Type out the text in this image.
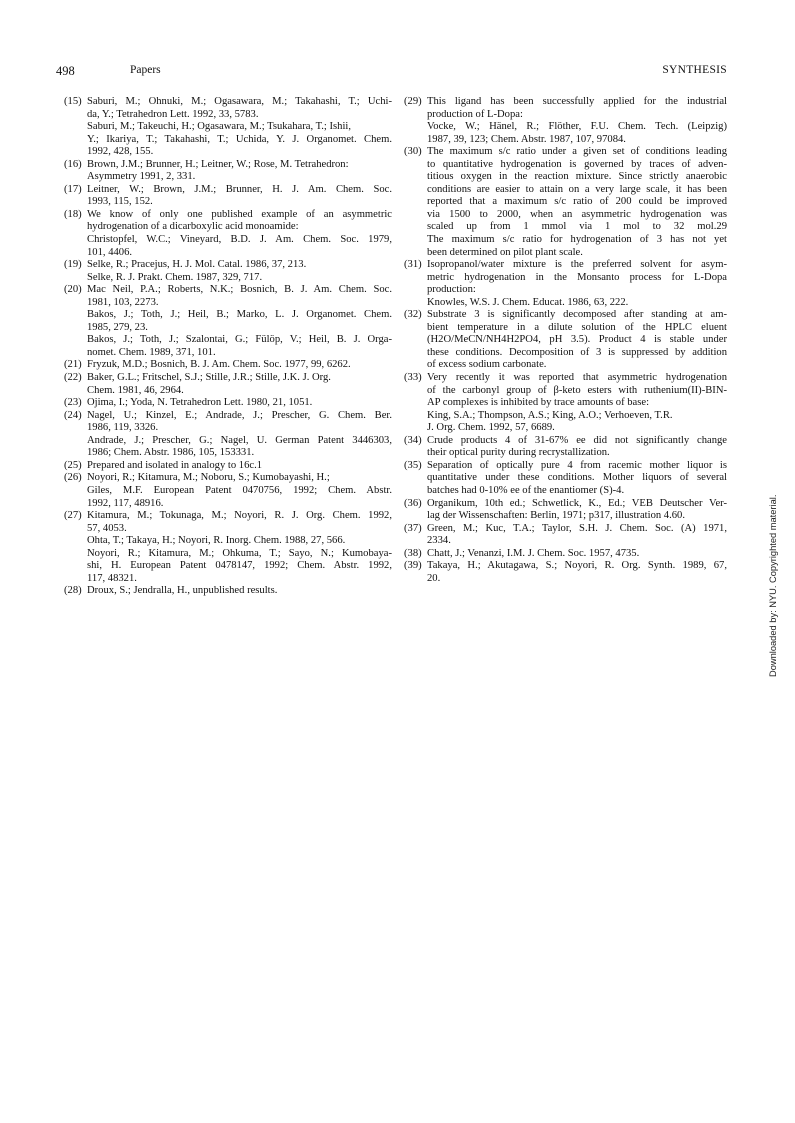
498	Papers	SYNTHESIS
(15) Saburi, M.; Ohnuki, M.; Ogasawara, M.; Takahashi, T.; Uchi-
da, Y.; Tetrahedron Lett. 1992, 33, 5783.
Saburi, M.; Takeuchi, H.; Ogasawara, M.; Tsukahara, T.; Ishii,
Y.; Ikariya, T.; Takahashi, T.; Uchida, Y. J. Organomet. Chem.
1992, 428, 155.
(16) Brown, J.M.; Brunner, H.; Leitner, W.; Rose, M. Tetrahedron:
Asymmetry 1991, 2, 331.
(17) Leitner, W.; Brown, J.M.; Brunner, H. J. Am. Chem. Soc.
1993, 115, 152.
(18) We know of only one published example of an asymmetric
hydrogenation of a dicarboxylic acid monoamide:
Christopfel, W.C.; Vineyard, B.D. J. Am. Chem. Soc. 1979,
101, 4406.
(19) Selke, R.; Pracejus, H. J. Mol. Catal. 1986, 37, 213.
Selke, R. J. Prakt. Chem. 1987, 329, 717.
(20) Mac Neil, P.A.; Roberts, N.K.; Bosnich, B. J. Am. Chem. Soc.
1981, 103, 2273.
Bakos, J.; Toth, J.; Heil, B.; Marko, L. J. Organomet. Chem.
1985, 279, 23.
Bakos, J.; Toth, J.; Szalontai, G.; Fülöp, V.; Heil, B. J. Orga-
nomet. Chem. 1989, 371, 101.
(21) Fryzuk, M.D.; Bosnich, B. J. Am. Chem. Soc. 1977, 99, 6262.
(22) Baker, G.L.; Fritschel, S.J.; Stille, J.R.; Stille, J.K. J. Org.
Chem. 1981, 46, 2964.
(23) Ojima, I.; Yoda, N. Tetrahedron Lett. 1980, 21, 1051.
(24) Nagel, U.; Kinzel, E.; Andrade, J.; Prescher, G. Chem. Ber.
1986, 119, 3326.
Andrade, J.; Prescher, G.; Nagel, U. German Patent 3446303,
1986; Chem. Abstr. 1986, 105, 153331.
(25) Prepared and isolated in analogy to 16c.1
(26) Noyori, R.; Kitamura, M.; Noboru, S.; Kumobayashi, H.;
Giles, M.F. European Patent 0470756, 1992; Chem. Abstr.
1992, 117, 48916.
(27) Kitamura, M.; Tokunaga, M.; Noyori, R. J. Org. Chem. 1992,
57, 4053.
Ohta, T.; Takaya, H.; Noyori, R. Inorg. Chem. 1988, 27, 566.
Noyori, R.; Kitamura, M.; Ohkuma, T.; Sayo, N.; Kumobaya-
shi, H. European Patent 0478147, 1992; Chem. Abstr. 1992,
117, 48321.
(28) Droux, S.; Jendralla, H., unpublished results.
(29) This ligand has been successfully applied for the industrial
production of L-Dopa:
Vocke, W.; Hänel, R.; Flöther, F.U. Chem. Tech. (Leipzig)
1987, 39, 123; Chem. Abstr. 1987, 107, 97084.
(30) The maximum s/c ratio under a given set of conditions leading
to quantitative hydrogenation is governed by traces of adven-
titious oxygen in the reaction mixture. Since strictly anaerobic
conditions are easier to attain on a very large scale, it has been
reported that a maximum s/c ratio of 200 could be improved
via 1500 to 2000, when an asymmetric hydrogenation was
scaled up from 1 mmol via 1 mol to 32 mol.29
The maximum s/c ratio for hydrogenation of 3 has not yet
been determined on pilot plant scale.
(31) Isopropanol/water mixture is the preferred solvent for asym-
metric hydrogenation in the Monsanto process for L-Dopa
production:
Knowles, W.S. J. Chem. Educat. 1986, 63, 222.
(32) Substrate 3 is significantly decomposed after standing at am-
bient temperature in a dilute solution of the HPLC eluent
(H2O/MeCN/NH4H2PO4, pH 3.5). Product 4 is stable under
these conditions. Decomposition of 3 is suppressed by addition
of excess sodium carbonate.
(33) Very recently it was reported that asymmetric hydrogenation
of the carbonyl group of β-keto esters with ruthenium(II)-BIN-
AP complexes is inhibited by trace amounts of base:
King, S.A.; Thompson, A.S.; King, A.O.; Verhoeven, T.R.
J. Org. Chem. 1992, 57, 6689.
(34) Crude products 4 of 31-67% ee did not significantly change
their optical purity during recrystallization.
(35) Separation of optically pure 4 from racemic mother liquor is
quantitative under these conditions. Mother liquors of several
batches had 0-10% ee of the enantiomer (S)-4.
(36) Organikum, 10th ed.; Schwetlick, K., Ed.; VEB Deutscher Ver-
lag der Wissenschaften: Berlin, 1971; p317, illustration 4.60.
(37) Green, M.; Kuc, T.A.; Taylor, S.H. J. Chem. Soc. (A) 1971,
2334.
(38) Chatt, J.; Venanzi, I.M. J. Chem. Soc. 1957, 4735.
(39) Takaya, H.; Akutagawa, S.; Noyori, R. Org. Synth. 1989, 67,
20.	Downloaded by: NYU. Copyrighted material.
